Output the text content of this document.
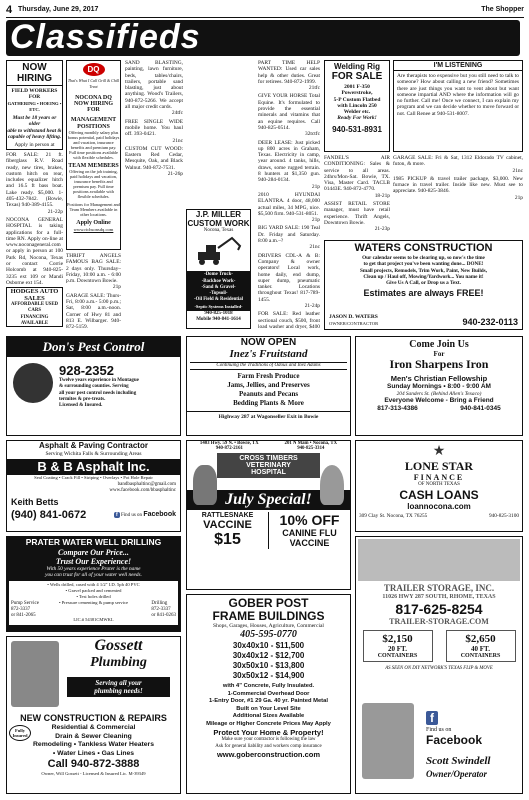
4 Thursday, June 29, 2017	The Shopper
Classifieds
NOW HIRING
FIELD WORKERS FOR
GATHERING • HOEING • ETC.
Must be 18 years or older
able to withstand heat &
capable of heavy lifting.
Apply in person at

FOR SALE: 21 ft. fiberglass R.V. Road ready, new tires, brakes, custom hitch on rear, includes equalizer hitch and 16.5 ft bass boat. Lake ready. $5,000. 1-405-432-7842. (Bowie, Texas) 940-389-4155.

21-22p

NOCONA GENERAL HOSPITAL is taking applications for a full-time RN. Apply on-line at www.noconageneral.com or apply in person at 100 Park Rd, Nocona, Texas or contact Corrie Holcomb at 940-825-3235 ext 109 or Mandi Osborne ext 154.

HODGES AUTO SALES
AFFORDABLE USED CARS
FINANCING AVAILABLE
DQ
That's What I Call Grill & Chill Treat
NOCONA DQ
NOW HIRING FOR
MANAGEMENT
POSITIONS
Offering monthly salary plus bonus potential, paid holidays and vacation, insurance benefits and premium pay. Full time positions available with flexible schedules.
TEAM MEMBERS
Offering on the job training, paid holidays and vacation, insurance benefits and premium pay. Full time positions available with flexible schedules.
Positions for Management and Team Members available in other locations.
Apply Online
www.richsonsdq.com

THRIFT ANGELS FAMOUS BAG SALE: 2 days only. Thursday–Friday, 10:00 a.m. - 6:00 p.m. Downtown Bowie.

21p

GARAGE SALE: Thurs-Fri, 8:00 a.m.- 5:00 p.m.; Sat, 8:00 a.m.-noon. Corner of Hwy 81 and 813 E. Wilbarger. 940-872-5159.

SAND BLASTING, painting, lawn furniture, beds, tables/chairs, trailers, portable sand blasting, just about anything. Wood's Trailers, 940-872-5266. We accept all major credit cards.

24tfc

FREE SINGLE WIDE mobile home. You haul off. 393-0421.

21nc

CUSTOM CUT WOOD: Eastern Red Cedar, Mesquite, Oak, and Black Walnut. 940-872-7531.

21-26p

J.P. MILLER
CUSTOM WORK
Nocona, Texas
-Dome Truck-
-Backhoe Work-
-Sand & Gravel-
-Topsoil-
-Oil Field & Residential
-Septic Systems Installed-
940-825-1018
Mobile 940-841-1614

PART TIME HELP WANTED: Used car sales help & other duties. Great for retirees. 940-872-1999.

21tfc

GIVE YOUR HORSE Total Equine. It's formulated to provide the essential minerals and vitamins that an equine requires. Call 940-825-0514.

32tctfc

DEER LEASE: Just picked up 800 acres in Graham, Texas. Electricity in camp, year around. 4 tanks, hills, draws, some rugged terrain. 8 hunters at $1,350 gun. 940-284-0134.

21p

2010 HYUNDAI ELANTRA. 4 door, 48,000 actual miles, 34 MPG, nice. $5,500 firm. 940-531-8051.

21p

BIG YARD SALE: 190 Teal Dr. Friday and Saturday. 8:00 a.m.–?

21nc

DRIVERS CDL-A & B: Company & owner operators! Local work, home daily, end dump, super dump, pneumatic tanker. Locations throughout Texas! 817-789-1455.

21-24p

FOR SALE: Red leather sectional couch, $500, front load washer and dryer, $400

Welding Rig
FOR SALE
2001 F-350
Powerstroke,
5-P Custom Flatbed
with Lincoln 250
Welder etc.
Ready For Work!
940-531-8931

FANDEL'S AIR CONDITIONING: Sales & service to all areas. 24hrs/Mon-Sat. Bowie, TX. Visa, Master Card. TACLB 01443E. 940-872-4770.

18-21p

ASSIST RETAIL STORE manager, must have retail experience. Thrift Angels, Downtown Bowie.

21-23p

I'M LISTENING
Are therapists too expensive but you still need to talk to someone? How about calling a new friend? Sometimes there are just things you want to vent about but want someone impartial AND where the information will go no further. Call me! Once we connect, I can explain my program and we can decide whether to move forward or not. Call Renee at 940-531-8007.

GARAGE SALE: Fri & Sat, 1312 Eldorado TV cabinet, futon, & more.

21nc

1985 PICKUP & travel trailer package, $3,000. New furnace in travel trailer. Inside like new. Must see to appreciate. 940-825-3846.

21p

WATERS CONSTRUCTION
Our calendar seems to be clearing up, so now's the time
to get that project you've been wanting done... DONE!
Small projects, Remodels, Trim Work, Paint, New Builds,
Clean up / Haul off, Mowing/Yardwork... You name it!
Give Us A Call, or Drop us a Text.
Estimates are always FREE!
JASON D. WATERS
OWNER/CONTRACTOR	940-232-0113
Don's Pest Control
928-2352
Twelve years experience in Montague
& surrounding counties. Serving
all your pest control needs including
termites & pre-treats.
Licensed & Insured.
NOW OPEN
Inez's Fruitstand
Continuing the Traditions of Odous and Inez Adams
Farm Fresh Produce
Jams, Jellies, and Preserves
Peanuts and Pecans
Bedding Plants & More
Highway 287 at Wagonseller Exit in Bowie
Come Join Us
For
Iron Sharpens Iron
Men's Christian Fellowship
Sunday Mornings • 8:00 - 9:00 AM
204 Sanders St. (Behind Allen's Texaco)
Everyone Welcome - Bring a Friend
817-313-4386	940-841-0345
Asphalt & Paving Contractor
Serving Wichita Falls & Surrounding Areas
B & B Asphalt Inc.
Seal Coating • Crack Fill • Striping • Overlays • Pot Hole Repair
bandbasphaltinc@gmail.com
www.facebook.com/bbasphaltinc
Keith Betts
(940) 841-0672	f Find us on Facebook
1403 Hwy. 59 N. • Bowie, TX
940-872-2161
201 N Main • Nocona, TX
940-825-3314
CROSS TIMBERS
VETERINARY
HOSPITAL
July Special!
RATTLESNAKE
VACCINE
$15
10% OFF
CANINE FLU
VACCINE
★
LONE STAR
FINANCE
OF NORTH TEXAS
CASH LOANS
loannocona.com
309 Clay St. Nocona, TX 76255	940-825-3100
PRATER WATER WELL DRILLING
Compare Our Price...
Trust Our Experience!
With 50 years experience Prater is the name
you can trust for all of your water well needs.
• Wells drilled, cased with 4 1/2" I.D. 5ph 40 PVC
• Gravel packed and cemented
• Test holes drilled
• Pressure cementing & pump service
Pump Service
872-3337
or 841-2065
Drilling
872-3337
or 841-0263
LIC.# 54381CMWKL
GOBER POST
FRAME BUILDINGS
Shops, Garages, Houses, Agriculture, Commercial
405-595-0770
30x40x10 - $11,500
30x40x12 - $12,700
30x50x10 - $13,800
30x50x12 - $14,900
with 4" Concrete, Fully Insulated.
1-Commercial Overhead Door
1-Entry Door, #1 29 Ga. 40 yr. Painted Metal
Built on Your Level Site
Additional Sizes Available
Mileage or Higher Concrete Prices May Apply
Protect Your Home & Property!
Make sure your contractor is following the law
Ask for general liability and workers comp insurance
www.goberconstruction.com
TRAILER STORAGE, INC.
11026 HWY 287 SOUTH, RHOME, TEXAS
817-625-8254
TRAILER-STORAGE.COM
$2,150
20 FT.
CONTAINERS
$2,650
40 FT.
CONTAINERS
AS SEEN ON DIY NETWORK'S TEXAS FLIP & MOVE
f
Find us on
Facebook
Scott Swindell
Owner/Operator
Gossett
Plumbing
Serving all your
plumbing needs!
NEW CONSTRUCTION & REPAIRS
Fully Insured
Residential & Commercial
Drain & Sewer Cleaning
Remodeling • Tankless Water Heaters
• Water Lines • Gas Lines
Call 940-872-3888
Owner, Will Gossett - Licensed & Insured Lic. M-39349
